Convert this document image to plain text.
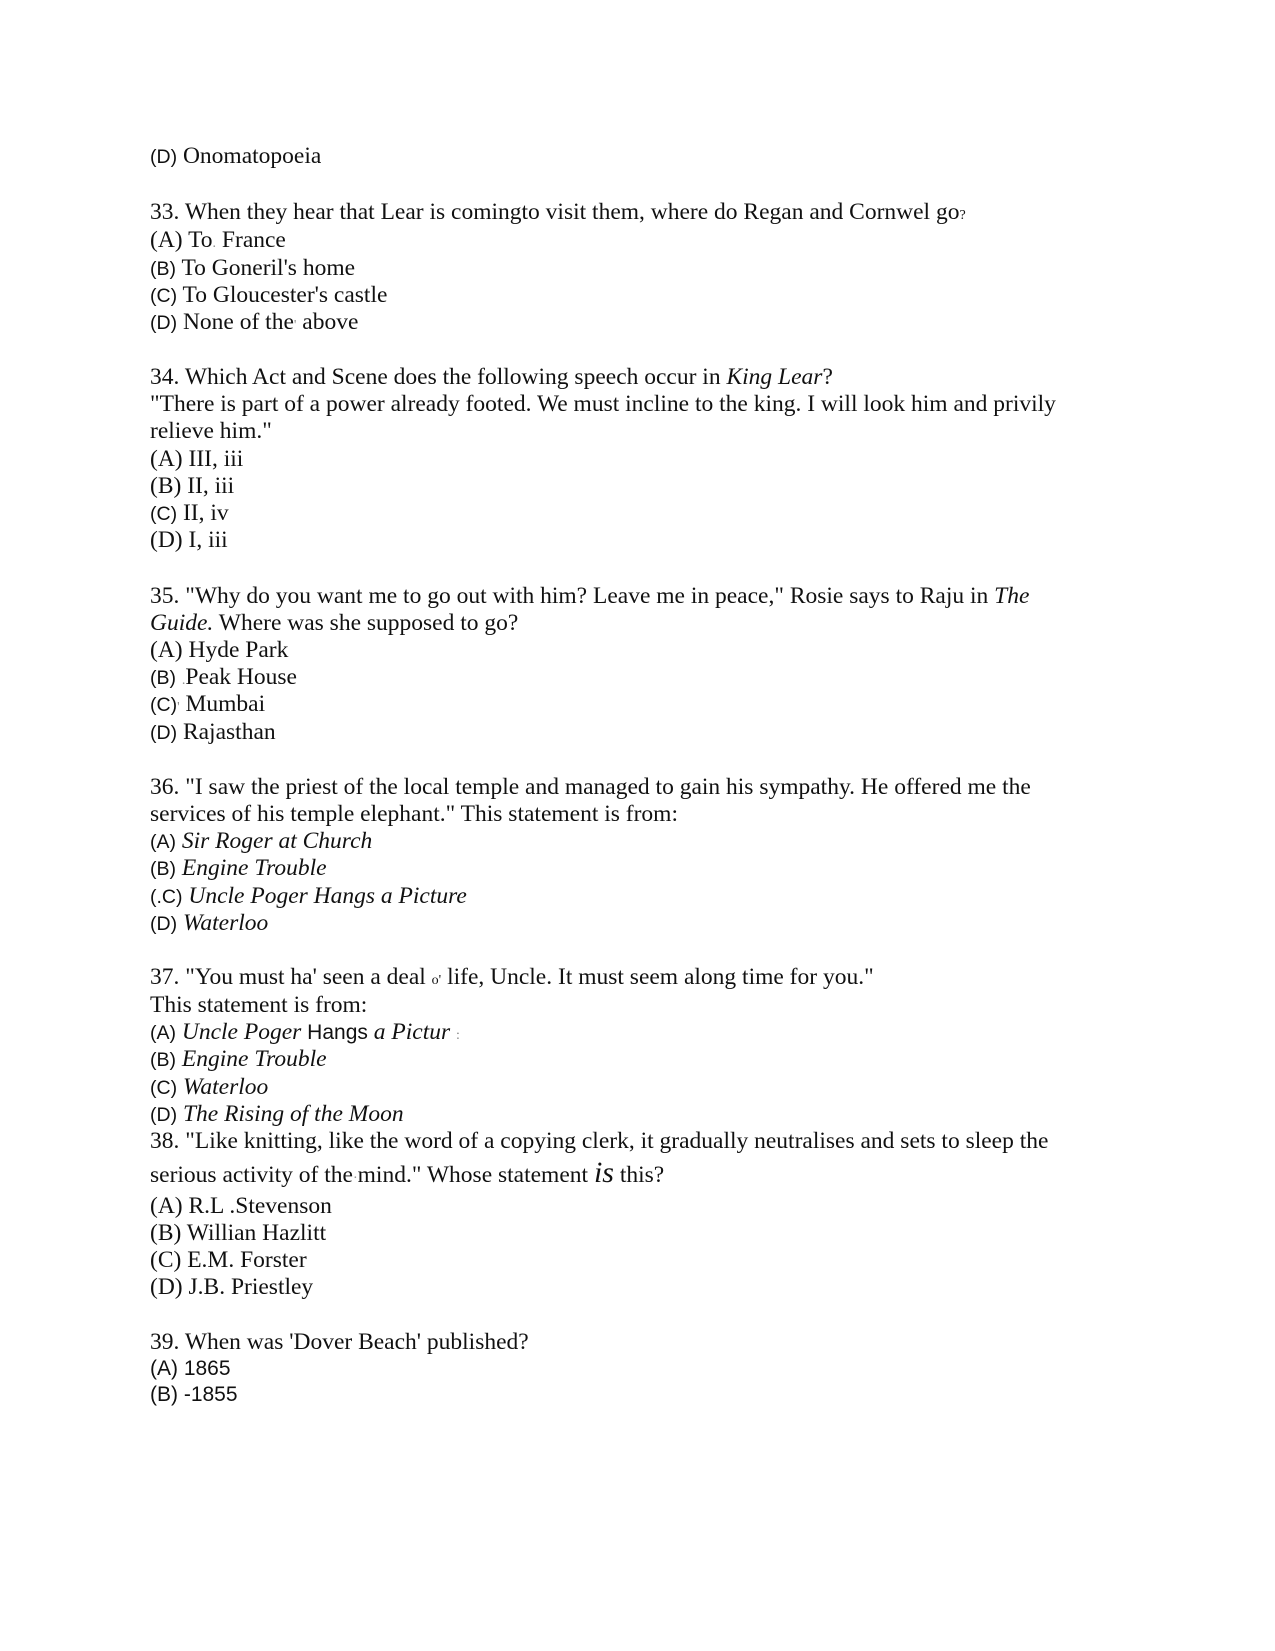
(D) Onomatopoeia
33. When they hear that Lear is comingto visit them, where do Regan and Cornwel go?
(A) To. France
(B) To Goneril's home
(C) To Gloucester's castle
(D) None of the' above
34. Which Act and Scene does the following speech occur in King Lear?
"There is part of a power already footed. We must incline to the king. I will look him and privily
relieve him."
(A) III, iii
(B) II, iii
(C) II, iv
(D) I, iii
35. "Why do you want me to go out with him? Leave me in peace," Rosie says to Raju in The
Guide. Where was she supposed to go?
(A) Hyde Park
(B) .Peak House
(C)' Mumbai
(D) Rajasthan
36. "I saw the priest of the local temple and managed to gain his sympathy. He offered me the
services of his temple elephant." This statement is from:
(A) Sir Roger at Church
(B) Engine Trouble
(.C) Uncle Poger Hangs a Picture
(D) Waterloo
37. "You must ha' seen a deal o' life, Uncle. It must seem along time for you."
This statement is from:
(A) Uncle Poger Hangs a Pictur :
(B) Engine Trouble
(C) Waterloo
(D) The Rising of the Moon
38. "Like knitting, like the word of a copying clerk, it gradually neutralises and sets to sleep the
serious activity of the·mind." Whose statement is this?
(A) R.L .Stevenson
(B) Willian Hazlitt
(C) E.M. Forster
(D) J.B. Priestley
39. When was 'Dover Beach' published?
(A) 1865
(B) -1855
